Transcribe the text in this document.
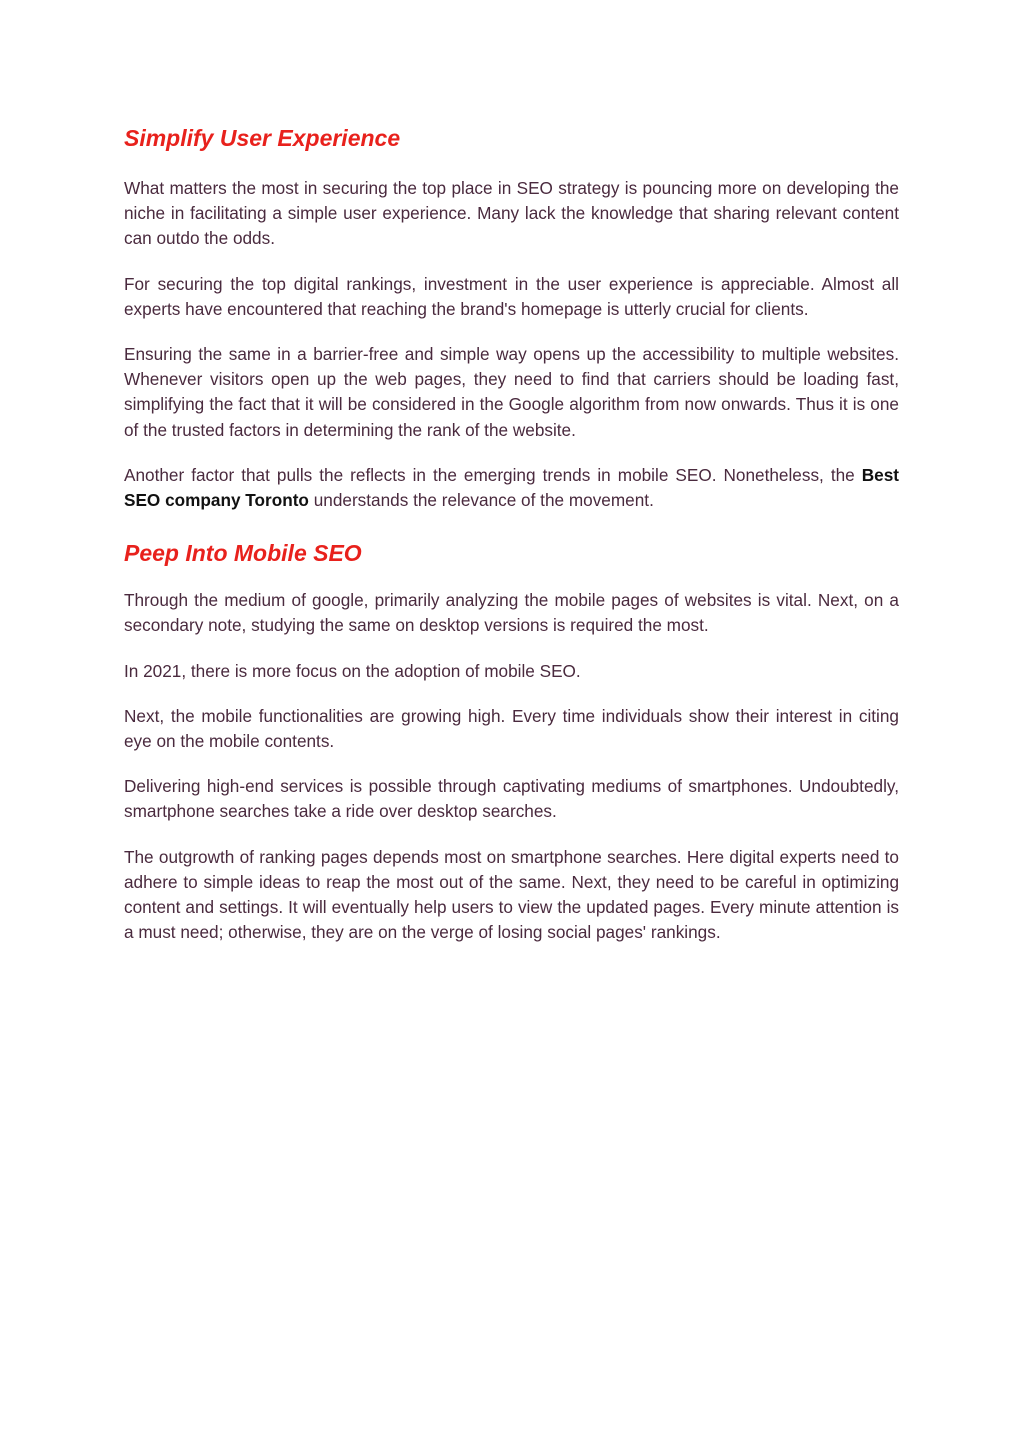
Simplify User Experience

What matters the most in securing the top place in SEO strategy is pouncing more on developing the niche in facilitating a simple user experience. Many lack the knowledge that sharing relevant content can outdo the odds.

For securing the top digital rankings, investment in the user experience is appreciable. Almost all experts have encountered that reaching the brand's homepage is utterly crucial for clients.

Ensuring the same in a barrier-free and simple way opens up the accessibility to multiple websites. Whenever visitors open up the web pages, they need to find that carriers should be loading fast, simplifying the fact that it will be considered in the Google algorithm from now onwards. Thus it is one of the trusted factors in determining the rank of the website.

Another factor that pulls the reflects in the emerging trends in mobile SEO. Nonetheless, the Best SEO company Toronto understands the relevance of the movement.

Peep Into Mobile SEO

Through the medium of google, primarily analyzing the mobile pages of websites is vital. Next, on a secondary note, studying the same on desktop versions is required the most.

In 2021, there is more focus on the adoption of mobile SEO.

Next, the mobile functionalities are growing high. Every time individuals show their interest in citing eye on the mobile contents.

Delivering high-end services is possible through captivating mediums of smartphones. Undoubtedly, smartphone searches take a ride over desktop searches.

The outgrowth of ranking pages depends most on smartphone searches. Here digital experts need to adhere to simple ideas to reap the most out of the same. Next, they need to be careful in optimizing content and settings. It will eventually help users to view the updated pages. Every minute attention is a must need; otherwise, they are on the verge of losing social pages' rankings.
